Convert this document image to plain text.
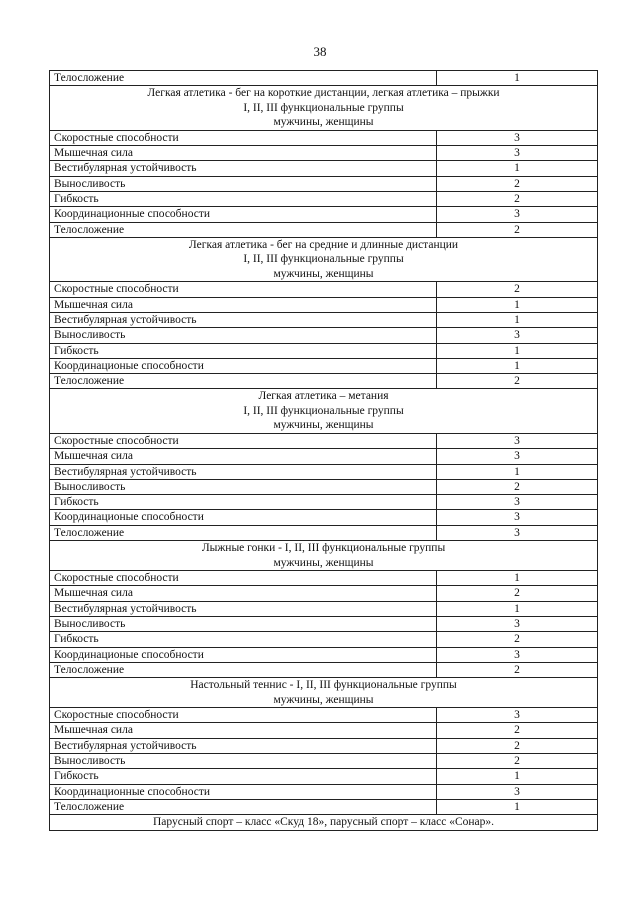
38
Телосложение	1

Легкая атлетика - бег на короткие дистанции, легкая атлетика – прыжки
I, II, III функциональные группы
мужчины, женщины	

Скоростные способности	3
Мышечная сила	3
Вестибулярная устойчивость	1
Выносливость	2
Гибкость	2
Координационные способности	3
Телосложение	2

Легкая атлетика - бег на средние и длинные дистанции
I, II, III функциональные группы
мужчины, женщины	

Скоростные способности	2
Мышечная сила	1
Вестибулярная устойчивость	1
Выносливость	3
Гибкость	1
Координационые способности	1
Телосложение	2

Легкая атлетика – метания
I, II, III функциональные группы
мужчины, женщины	

Скоростные способности	3
Мышечная сила	3
Вестибулярная устойчивость	1
Выносливость	2
Гибкость	3
Координационые способности	3
Телосложение	3

Лыжные гонки - I, II, III функциональные группы
мужчины, женщины	

Скоростные способности	1
Мышечная сила	2
Вестибулярная устойчивость	1
Выносливость	3
Гибкость	2
Координационые способности	3
Телосложение	2

Настольный теннис - I, II, III функциональные группы
мужчины, женщины	

Скоростные способности	3
Мышечная сила	2
Вестибулярная устойчивость	2
Выносливость	2
Гибкость	1
Координационные способности	3
Телосложение	1
Парусный спорт – класс «Скуд 18», парусный спорт – класс «Сонар».	
